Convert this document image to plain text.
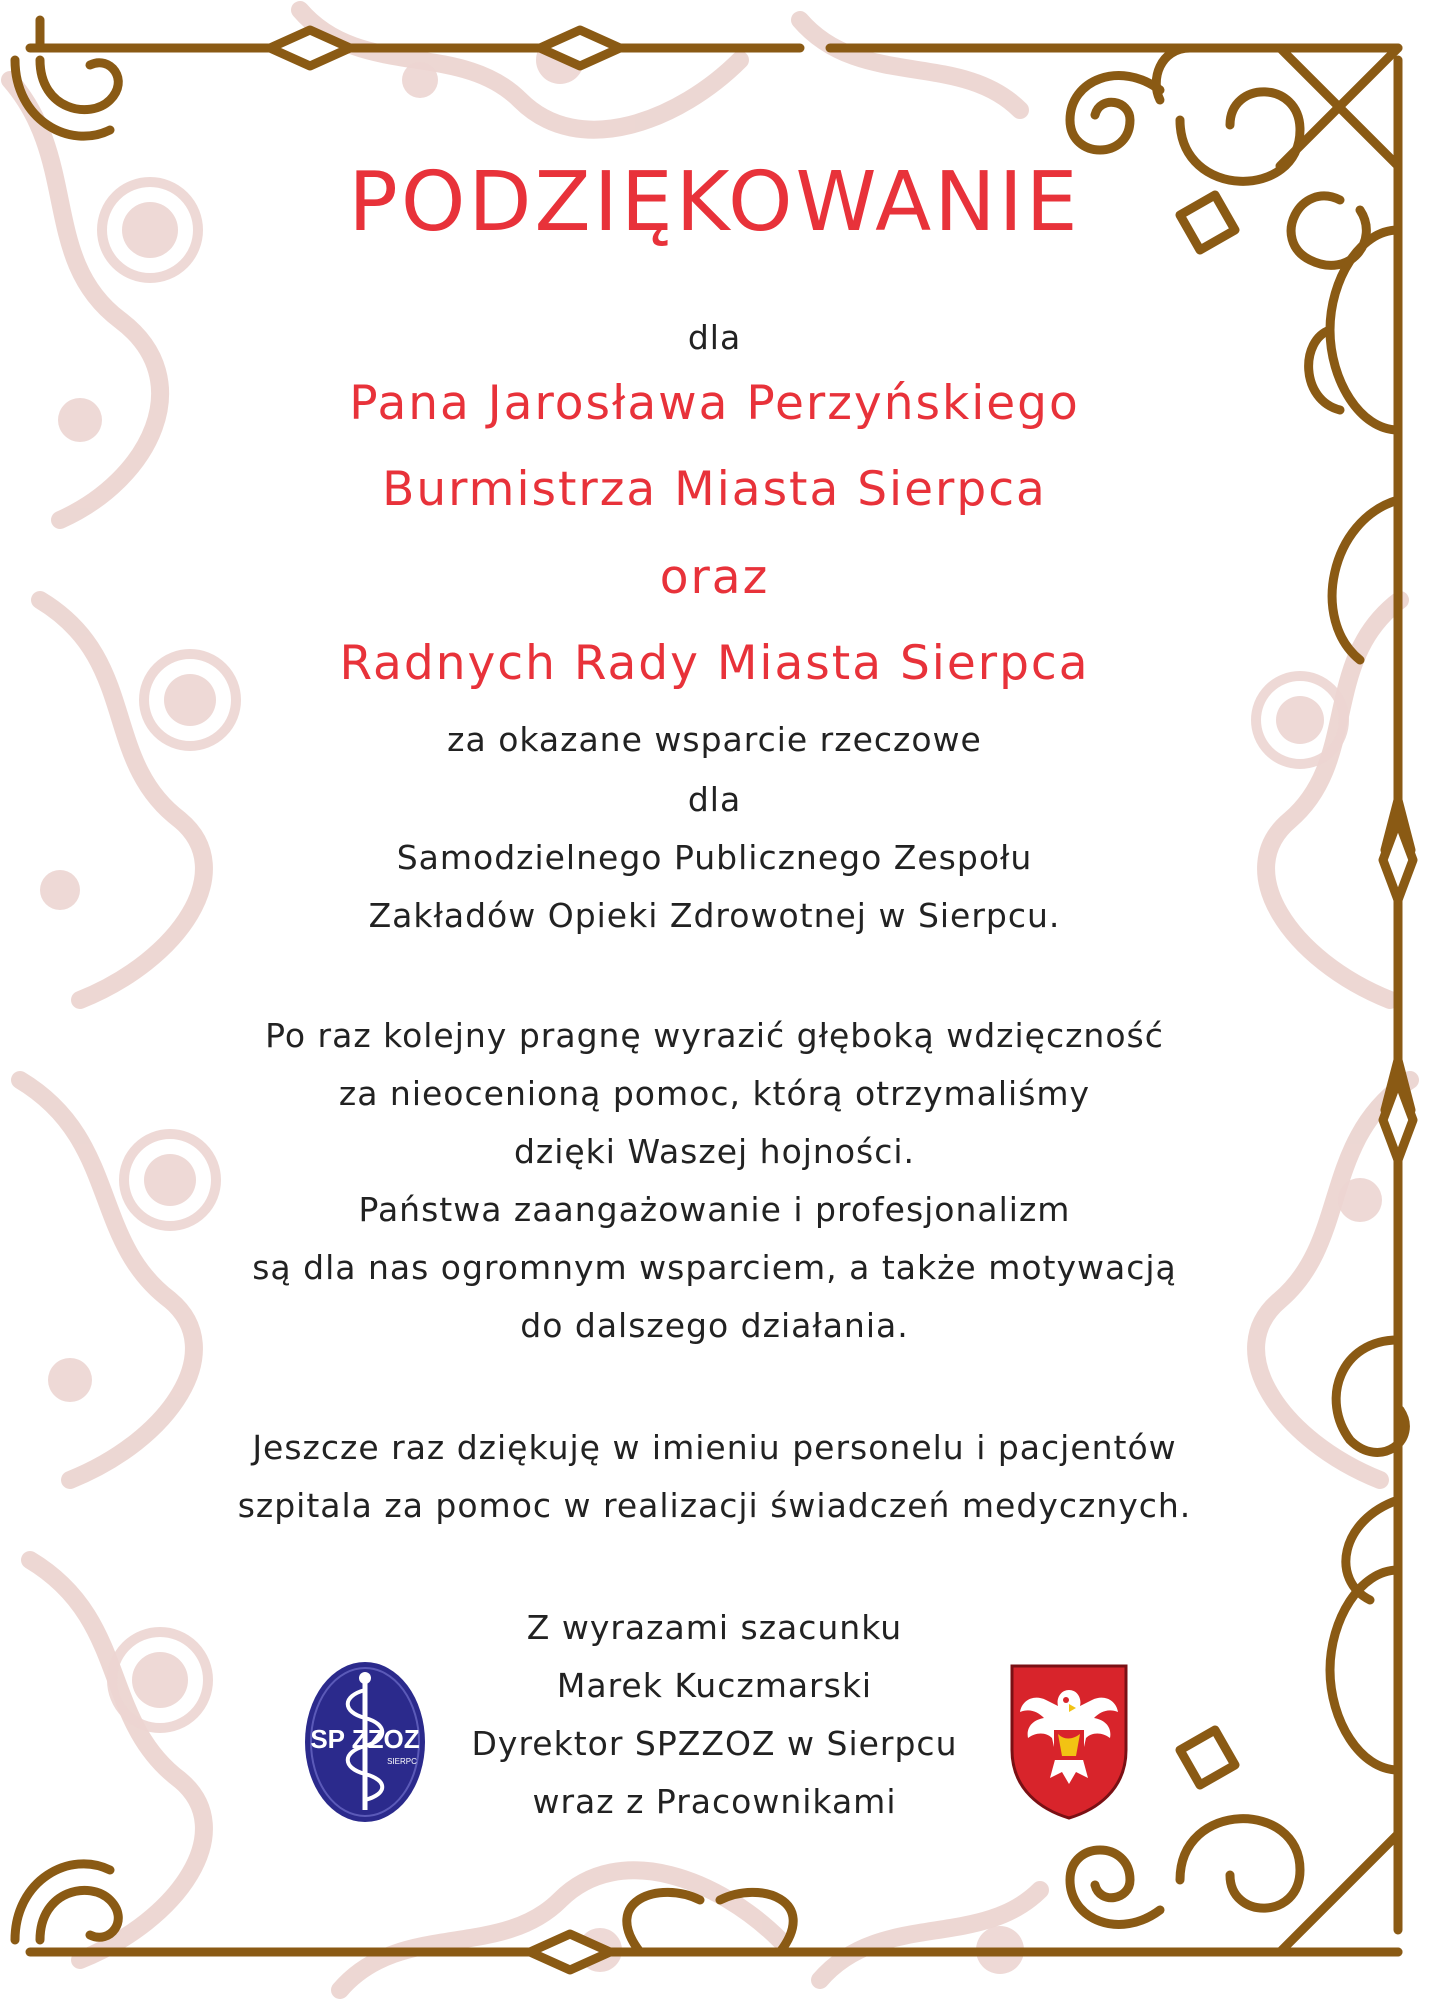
PODZIĘKOWANIE

dla

Pana Jarosława Perzyńskiego

Burmistrza Miasta Sierpca

oraz

Radnych Rady Miasta Sierpca

za okazane wsparcie rzeczowe

dla

Samodzielnego Publicznego Zespołu

Zakładów Opieki Zdrowotnej w Sierpcu.

Po raz kolejny pragnę wyrazić głęboką wdzięczność

za nieocenioną pomoc, którą otrzymaliśmy

dzięki Waszej hojności.

Państwa zaangażowanie i profesjonalizm

są dla nas ogromnym wsparciem, a także motywacją

do dalszego działania.

Jeszcze raz dziękuję w imieniu personelu i pacjentów

szpitala za pomoc w realizacji świadczeń medycznych.

Z wyrazami szacunku

Marek Kuczmarski

Dyrektor SPZZOZ w Sierpcu

wraz z Pracownikami

SP ZZOZ
SIERPC
